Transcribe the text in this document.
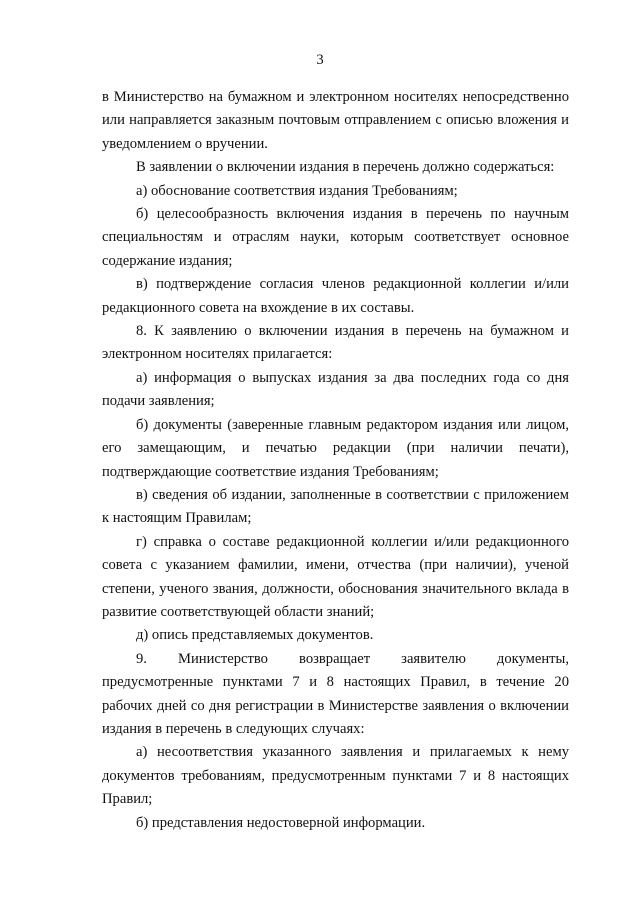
3

в Министерство на бумажном и электронном носителях непосредственно или направляется заказным почтовым отправлением с описью вложения и уведомлением о вручении.

В заявлении о включении издания в перечень должно содержаться:

а) обоснование соответствия издания Требованиям;

б) целесообразность включения издания в перечень по научным специальностям и отраслям науки, которым соответствует основное содержание издания;

в) подтверждение согласия членов редакционной коллегии и/или редакционного совета на вхождение в их составы.

8. К заявлению о включении издания в перечень на бумажном и электронном носителях прилагается:

а) информация о выпусках издания за два последних года со дня подачи заявления;

б) документы (заверенные главным редактором издания или лицом, его замещающим, и печатью редакции (при наличии печати), подтверждающие соответствие издания Требованиям;

в) сведения об издании, заполненные в соответствии с приложением к настоящим Правилам;

г) справка о составе редакционной коллегии и/или редакционного совета с указанием фамилии, имени, отчества (при наличии), ученой степени, ученого звания, должности, обоснования значительного вклада в развитие соответствующей области знаний;

д) опись представляемых документов.

9. Министерство возвращает заявителю документы, предусмотренные пунктами 7 и 8 настоящих Правил, в течение 20 рабочих дней со дня регистрации в Министерстве заявления о включении издания в перечень в следующих случаях:

а) несоответствия указанного заявления и прилагаемых к нему документов требованиям, предусмотренным пунктами 7 и 8 настоящих Правил;

б) представления недостоверной информации.
